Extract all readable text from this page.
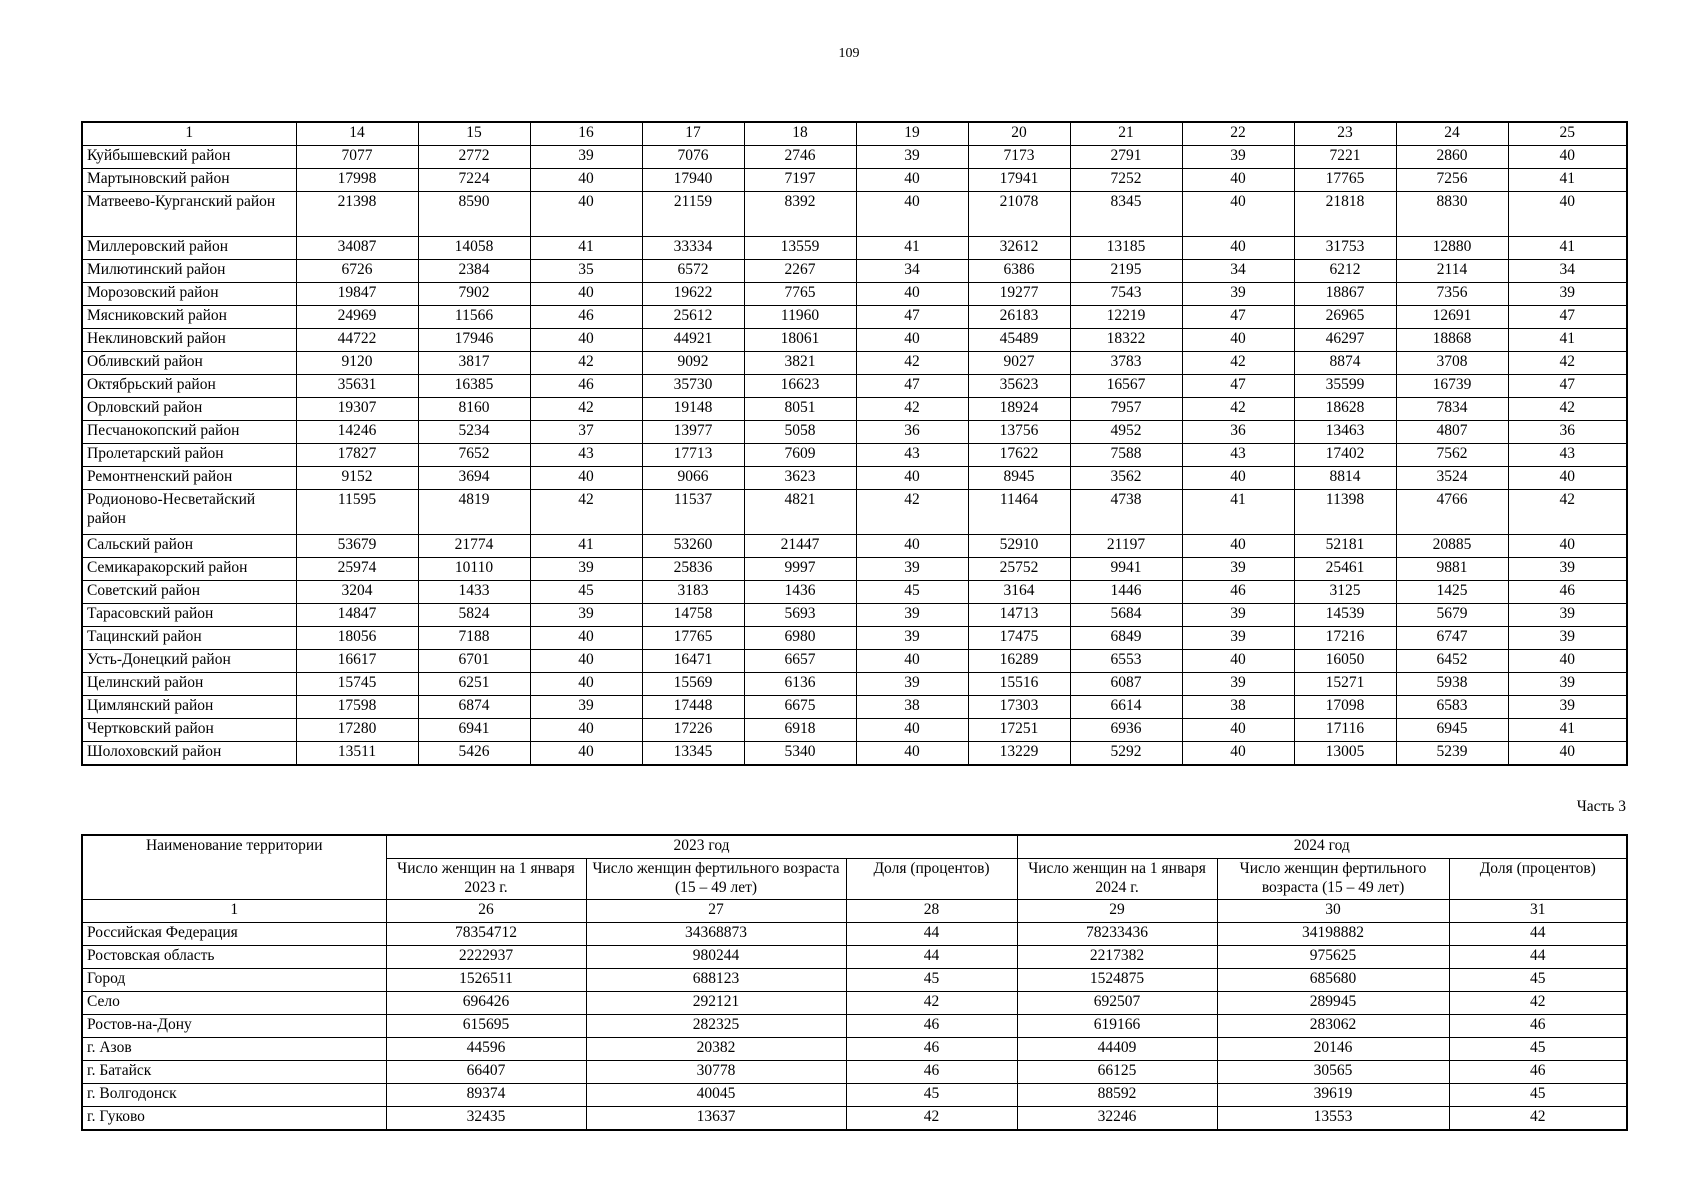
109
1	14	15	16	17	18	19	20	21	22	23	24	25
Куйбышевский район	7077	2772	39	7076	2746	39	7173	2791	39	7221	2860	40
Мартыновский район	17998	7224	40	17940	7197	40	17941	7252	40	17765	7256	41
Матвеево-Курганский район	21398	8590	40	21159	8392	40	21078	8345	40	21818	8830	40
Миллеровский район	34087	14058	41	33334	13559	41	32612	13185	40	31753	12880	41
Милютинский район	6726	2384	35	6572	2267	34	6386	2195	34	6212	2114	34
Морозовский район	19847	7902	40	19622	7765	40	19277	7543	39	18867	7356	39
Мясниковский район	24969	11566	46	25612	11960	47	26183	12219	47	26965	12691	47
Неклиновский район	44722	17946	40	44921	18061	40	45489	18322	40	46297	18868	41
Обливский район	9120	3817	42	9092	3821	42	9027	3783	42	8874	3708	42
Октябрьский район	35631	16385	46	35730	16623	47	35623	16567	47	35599	16739	47
Орловский район	19307	8160	42	19148	8051	42	18924	7957	42	18628	7834	42
Песчанокопский район	14246	5234	37	13977	5058	36	13756	4952	36	13463	4807	36
Пролетарский район	17827	7652	43	17713	7609	43	17622	7588	43	17402	7562	43
Ремонтненский район	9152	3694	40	9066	3623	40	8945	3562	40	8814	3524	40
Родионово-Несветайский район	11595	4819	42	11537	4821	42	11464	4738	41	11398	4766	42
Сальский район	53679	21774	41	53260	21447	40	52910	21197	40	52181	20885	40
Семикаракорский район	25974	10110	39	25836	9997	39	25752	9941	39	25461	9881	39
Советский район	3204	1433	45	3183	1436	45	3164	1446	46	3125	1425	46
Тарасовский район	14847	5824	39	14758	5693	39	14713	5684	39	14539	5679	39
Тацинский район	18056	7188	40	17765	6980	39	17475	6849	39	17216	6747	39
Усть-Донецкий район	16617	6701	40	16471	6657	40	16289	6553	40	16050	6452	40
Целинский район	15745	6251	40	15569	6136	39	15516	6087	39	15271	5938	39
Цимлянский район	17598	6874	39	17448	6675	38	17303	6614	38	17098	6583	39
Чертковский район	17280	6941	40	17226	6918	40	17251	6936	40	17116	6945	41
Шолоховский район	13511	5426	40	13345	5340	40	13229	5292	40	13005	5239	40
Часть 3
Наименование территории	2023 год			2024 год		
	Число женщин на 1 января 2023 г.	Число женщин фертильного возраста (15 – 49 лет)	Доля (процентов)	Число женщин на 1 января 2024 г.	Число женщин фертильного возраста (15 – 49 лет)	Доля (процентов)
1	26	27	28	29	30	31
Российская Федерация	78354712	34368873	44	78233436	34198882	44
Ростовская область	2222937	980244	44	2217382	975625	44
Город	1526511	688123	45	1524875	685680	45
Село	696426	292121	42	692507	289945	42
Ростов-на-Дону	615695	282325	46	619166	283062	46
г. Азов	44596	20382	46	44409	20146	45
г. Батайск	66407	30778	46	66125	30565	46
г. Волгодонск	89374	40045	45	88592	39619	45
г. Гуково	32435	13637	42	32246	13553	42
